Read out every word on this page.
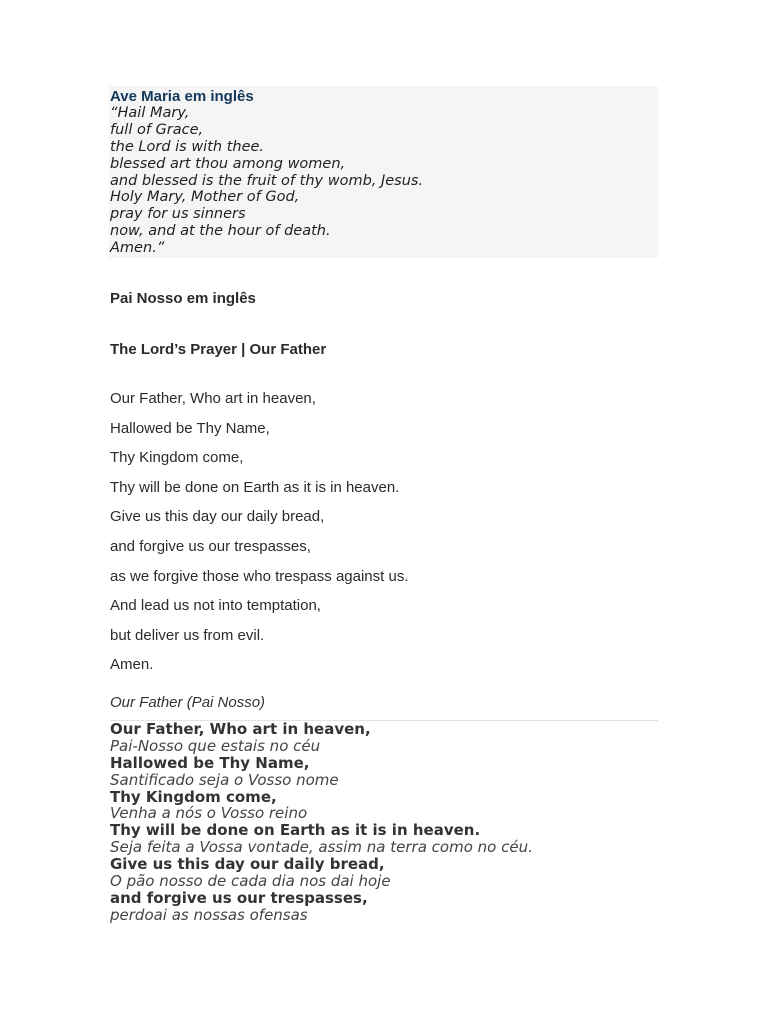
Ave Maria em inglês
“Hail Mary,
full of Grace,
the Lord is with thee.
blessed art thou among women,
and blessed is the fruit of thy womb, Jesus.
Holy Mary, Mother of God,
pray for us sinners
now, and at the hour of death.
Amen.”
Pai Nosso em inglês
The Lord’s Prayer | Our Father
Our Father, Who art in heaven,
Hallowed be Thy Name,
Thy Kingdom come,
Thy will be done on Earth as it is in heaven.
Give us this day our daily bread,
and forgive us our trespasses,
as we forgive those who trespass against us.
And lead us not into temptation,
but deliver us from evil.
Amen.
Our Father (Pai Nosso)
Our Father, Who art in heaven,
Pai-Nosso que estais no céu
Hallowed be Thy Name,
Santificado seja o Vosso nome
Thy Kingdom come,
Venha a nós o Vosso reino
Thy will be done on Earth as it is in heaven.
Seja feita a Vossa vontade, assim na terra como no céu.
Give us this day our daily bread,
O pão nosso de cada dia nos dai hoje
and forgive us our trespasses,
perdoai as nossas ofensas
